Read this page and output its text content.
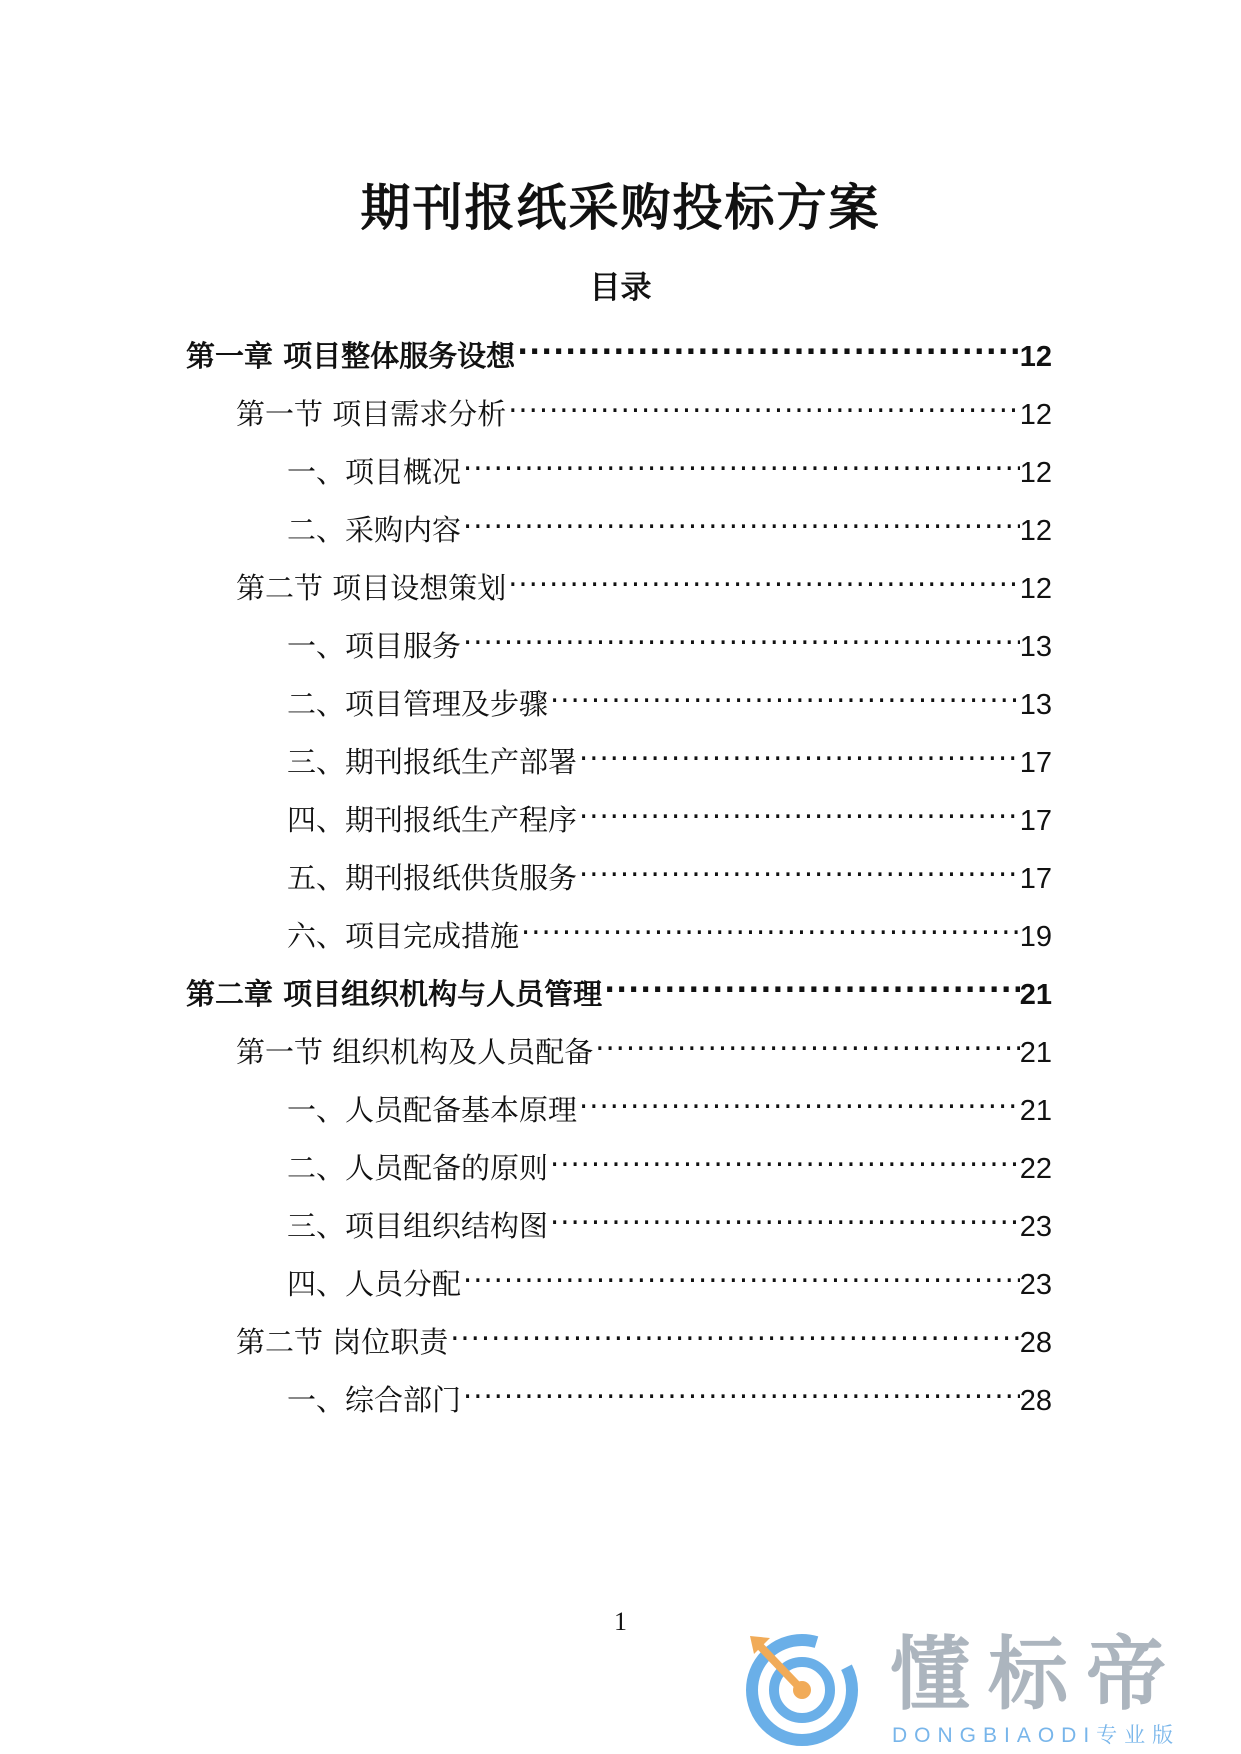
期刊报纸采购投标方案
目录
第一章 项目整体服务设想 .....	12
第一节 项目需求分析 .....	12
一、项目概况 .....	12
二、采购内容 .....	12
第二节 项目设想策划 .....	12
一、项目服务 .....	13
二、项目管理及步骤 .....	13
三、期刊报纸生产部署 .....	17
四、期刊报纸生产程序 .....	17
五、期刊报纸供货服务 .....	17
六、项目完成措施 .....	19
第二章 项目组织机构与人员管理 .....	21
第一节 组织机构及人员配备 .....	21
一、人员配备基本原理 .....	21
二、人员配备的原则 .....	22
三、项目组织结构图 .....	23
四、人员分配 .....	23
第二节 岗位职责 .....	28
一、综合部门 .....	28
1
懂标帝
DONGBIAODI专业版
